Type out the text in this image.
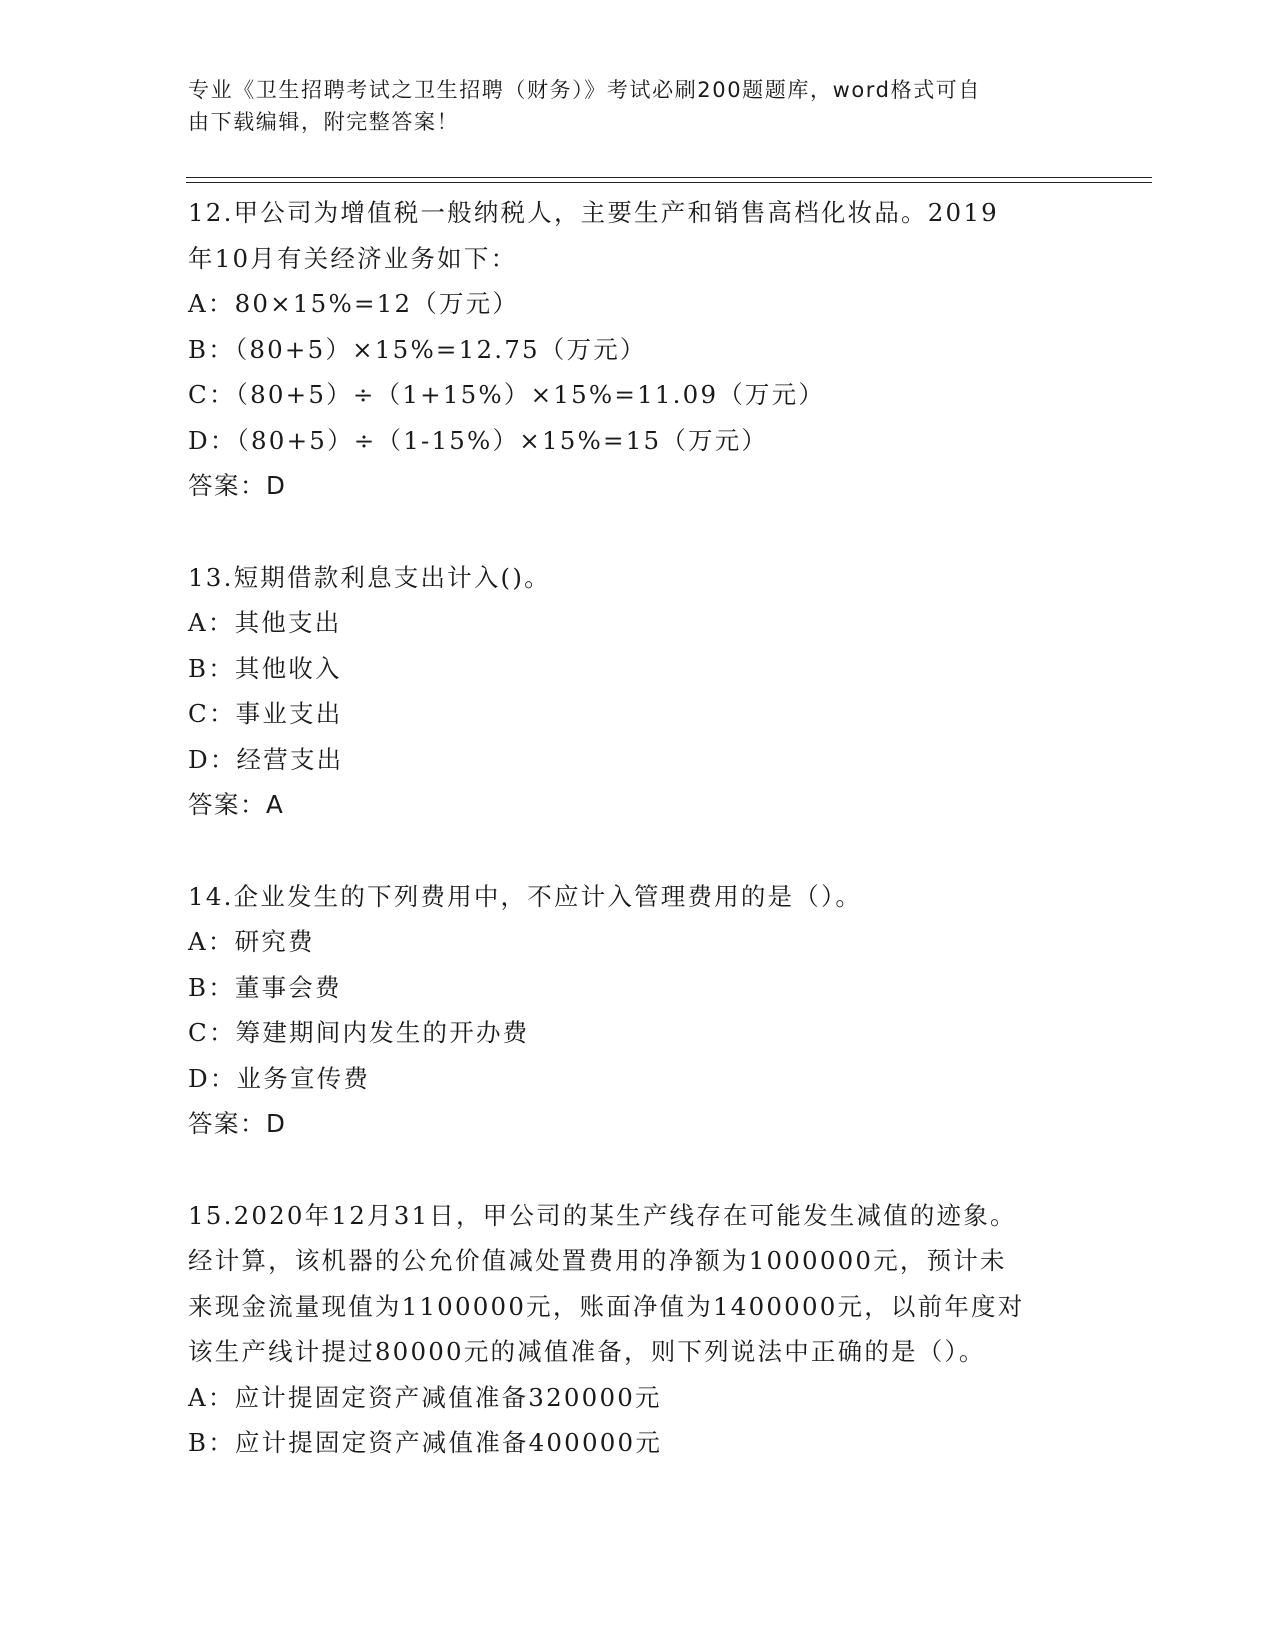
专业《卫生招聘考试之卫生招聘（财务）》考试必刷200题题库，word格式可自
由下载编辑，附完整答案！
12.甲公司为增值税一般纳税人，主要生产和销售高档化妆品。2019
年10月有关经济业务如下：
A：80×15%=12（万元）
B：（80+5）×15%=12.75（万元）
C：（80+5）÷（1+15%）×15%=11.09（万元）
D：（80+5）÷（1-15%）×15%=15（万元）
答案：D
13.短期借款利息支出计入()。
A：其他支出
B：其他收入
C：事业支出
D：经营支出
答案：A
14.企业发生的下列费用中，不应计入管理费用的是（）。
A：研究费
B：董事会费
C：筹建期间内发生的开办费
D：业务宣传费
答案：D
15.2020年12月31日，甲公司的某生产线存在可能发生减值的迹象。
经计算，该机器的公允价值减处置费用的净额为1000000元，预计未
来现金流量现值为1100000元，账面净值为1400000元，以前年度对
该生产线计提过80000元的减值准备，则下列说法中正确的是（）。
A：应计提固定资产减值准备320000元
B：应计提固定资产减值准备400000元
